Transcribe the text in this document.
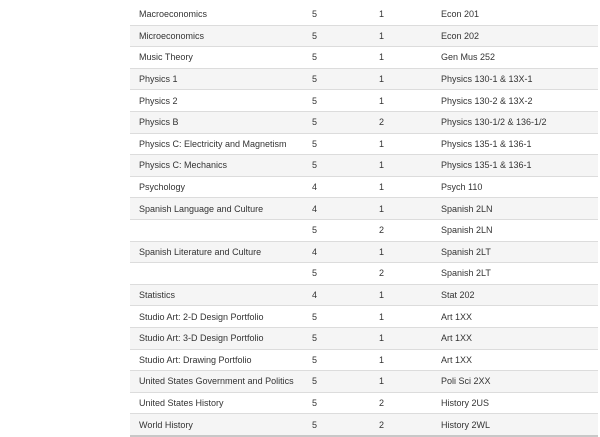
Macroeconomics	5	1	Econ 201
Microeconomics	5	1	Econ 202
Music Theory	5	1	Gen Mus 252
Physics 1	5	1	Physics 130-1 & 13X-1
Physics 2	5	1	Physics 130-2 & 13X-2
Physics B	5	2	Physics 130-1/2 & 136-1/2
Physics C: Electricity and Magnetism	5	1	Physics 135-1 & 136-1
Physics C: Mechanics	5	1	Physics 135-1 & 136-1
Psychology	4	1	Psych 110
Spanish Language and Culture	4	1	Spanish 2LN
	5	2	Spanish 2LN
Spanish Literature and Culture	4	1	Spanish 2LT
	5	2	Spanish 2LT
Statistics	4	1	Stat 202
Studio Art: 2-D Design Portfolio	5	1	Art 1XX
Studio Art: 3-D Design Portfolio	5	1	Art 1XX
Studio Art: Drawing Portfolio	5	1	Art 1XX
United States Government and Politics	5	1	Poli Sci 2XX
United States History	5	2	History 2US
World History	5	2	History 2WL
